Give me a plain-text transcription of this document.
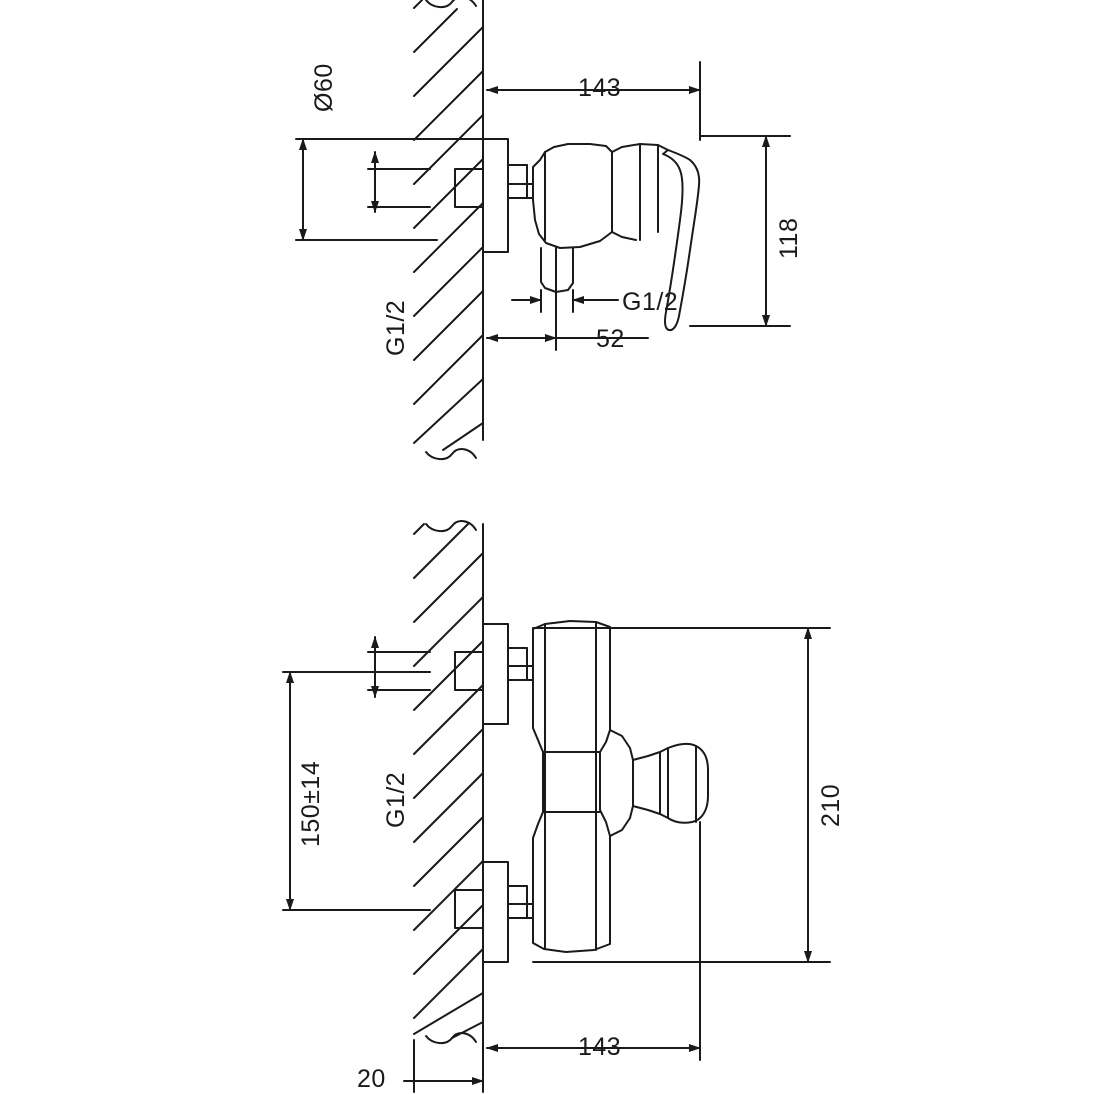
Ø60	143
118
G1/2	G1/2
52
150±14 G1/2	210
143
20
